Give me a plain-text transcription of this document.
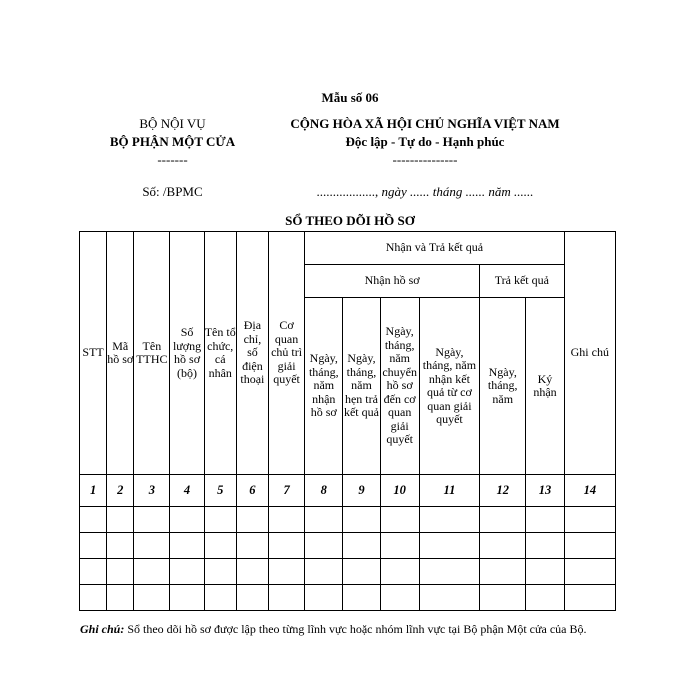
Mẫu số 06
BỘ NỘI VỤ
BỘ PHẬN MỘT CỬA
-------
CỘNG HÒA XÃ HỘI CHỦ NGHĨA VIỆT NAM
Độc lập - Tự do - Hạnh phúc
---------------
Số: /BPMC	.................., ngày ...... tháng ...... năm ......
SỔ THEO DÕI HỒ SƠ
STT	Mã hồ sơ	Tên TTHC	Số lượng hồ sơ (bộ)	Tên tổ chức, cá nhân	Địa chỉ, số điện thoại	Cơ quan chủ trì giải quyết	Nhận và Trả kết quả						Ghi chú
							Nhận hồ sơ				Trả kết quả		
							Ngày, tháng, năm nhận hồ sơ	Ngày, tháng, năm hẹn trả kết quả	Ngày, tháng, năm chuyển hồ sơ đến cơ quan giải quyết	Ngày, tháng, năm nhận kết quả từ cơ quan giải quyết	Ngày, tháng, năm	Ký nhận	
1	2	3	4	5	6	7	8	9	10	11	12	13	14

Ghi chú: Sổ theo dõi hồ sơ được lập theo từng lĩnh vực hoặc nhóm lĩnh vực tại Bộ phận Một cửa của Bộ.
